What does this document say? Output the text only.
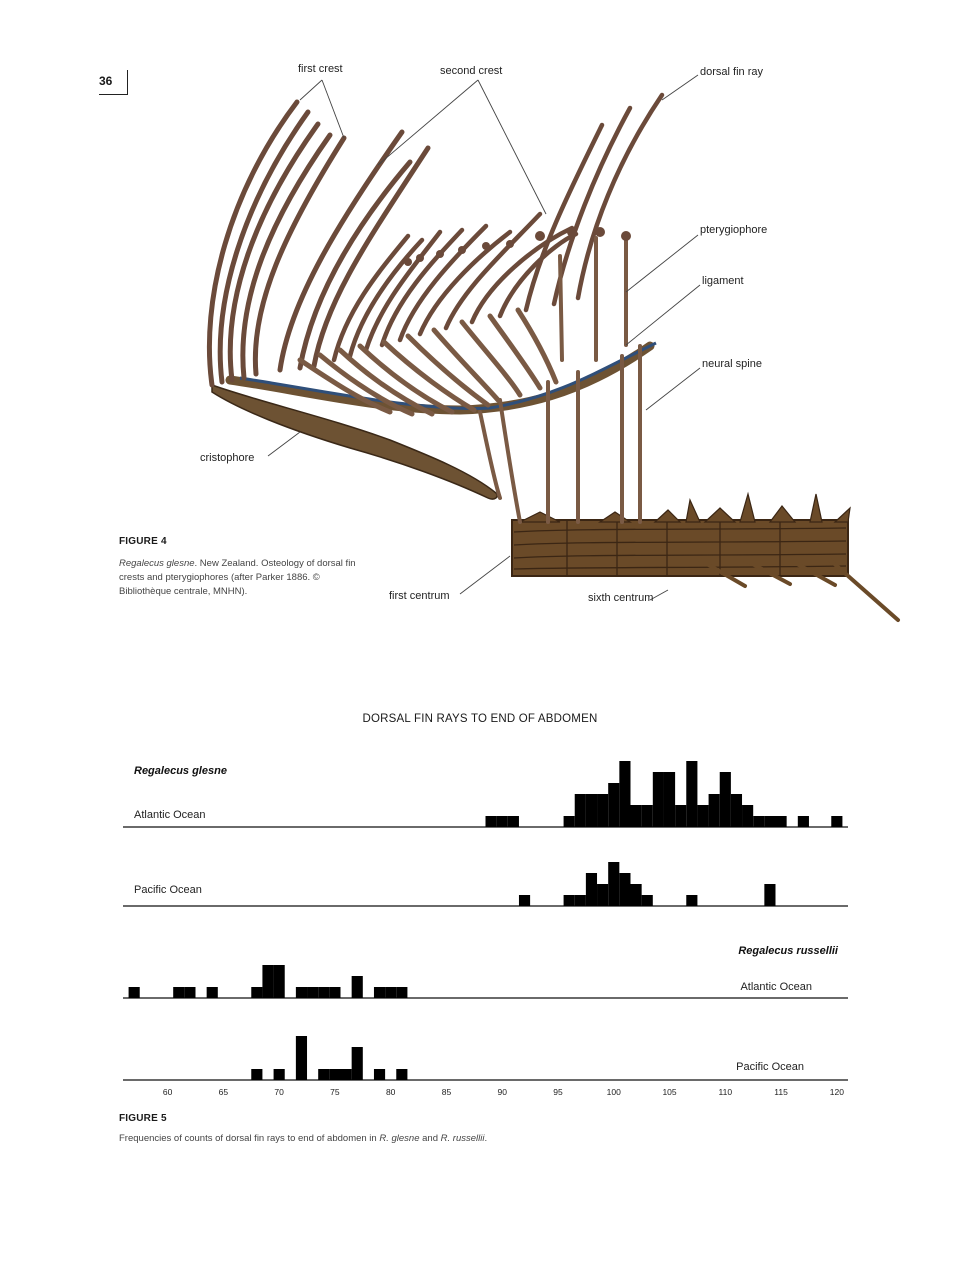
36
first crest	second crest	dorsal fin ray
pterygiophore
ligament
neural spine
cristophore
first centrum	sixth centrum
FIGURE 4
Regalecus glesne. New Zealand. Osteology of dorsal fin crests and pterygiophores (after Parker 1886. © Bibliothèque centrale, MNHN).
DORSAL FIN RAYS TO END OF ABDOMEN
Atlantic Ocean
Regalecus glesne
Pacific Ocean
Atlantic Ocean
Regalecus russellii
Pacific Ocean
60	65	70	75	80	85	90	95	100	105	110	115	120
FIGURE 5
Frequencies of counts of dorsal fin rays to end of abdomen in R. glesne and R. russellii.
